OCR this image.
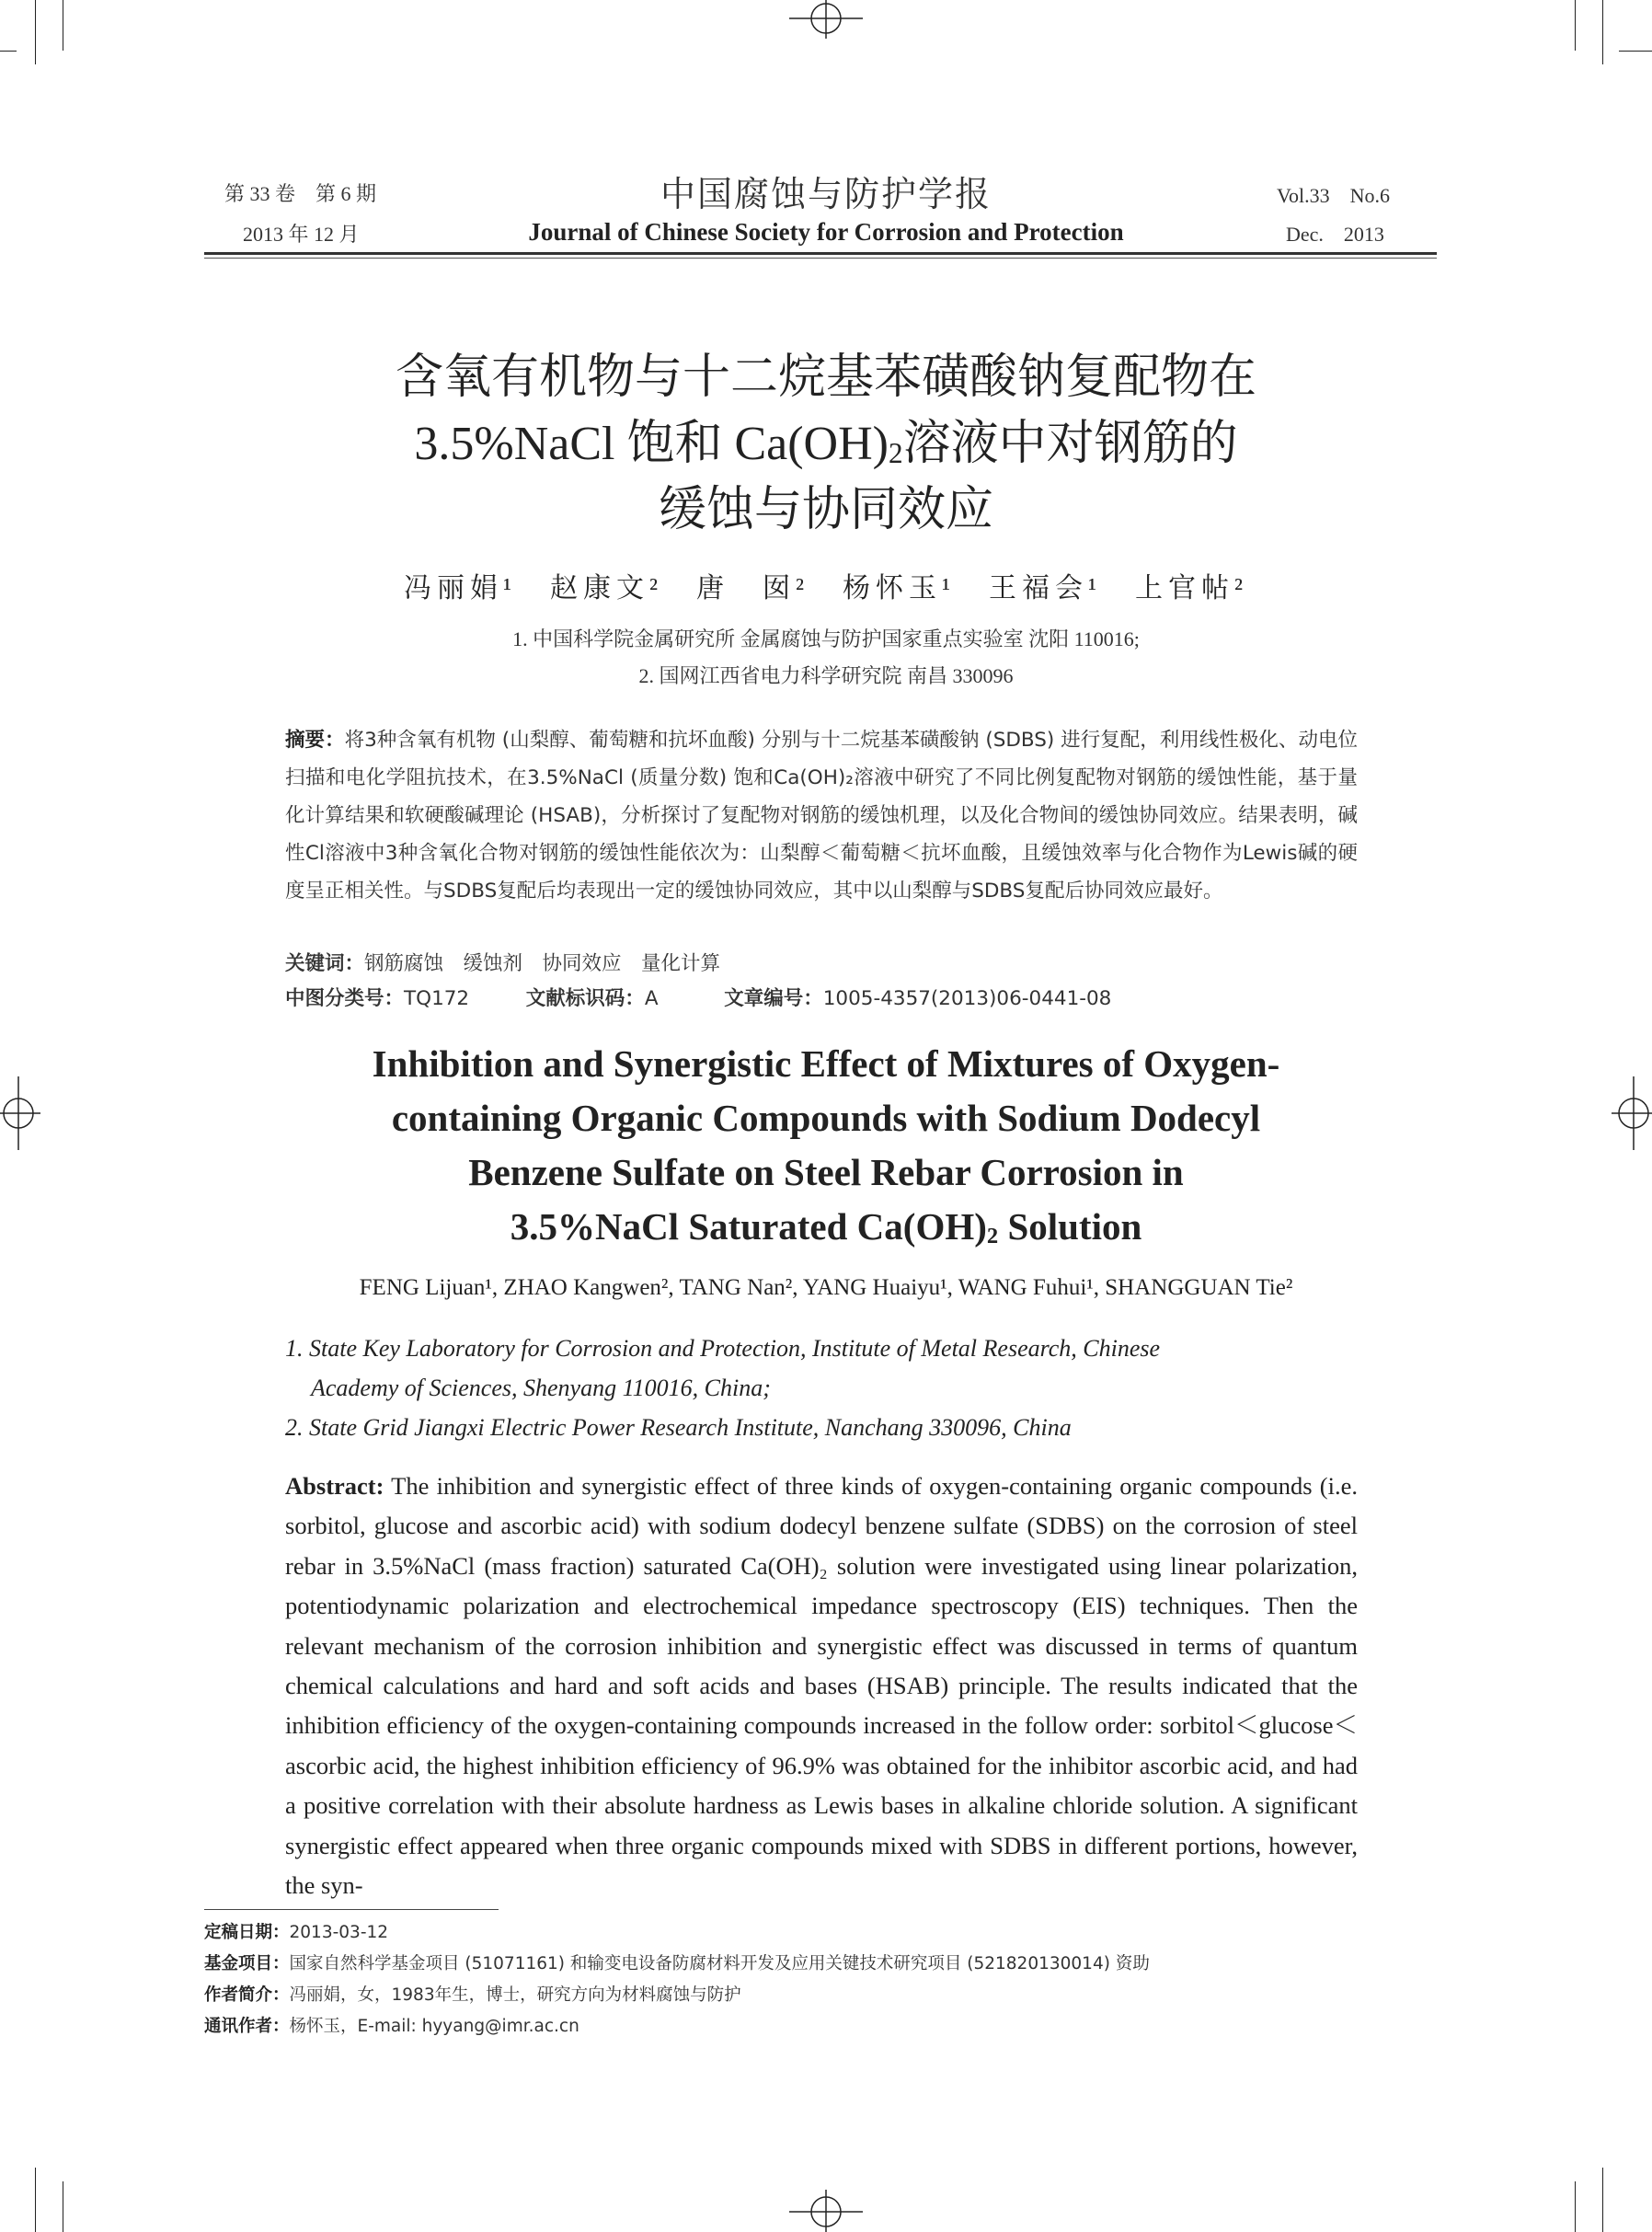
第 33 卷　第 6 期
2013 年 12 月
中国腐蚀与防护学报
Journal of Chinese Society for Corrosion and Protection
Vol.33　No.6
Dec.　2013
含氧有机物与十二烷基苯磺酸钠复配物在
3.5%NaCl 饱和 $Ca(OH)_2$溶液中对钢筋的
缓蚀与协同效应
冯丽娟¹　赵康文²　唐　囡²　杨怀玉¹　王福会¹　上官帖²
1. 中国科学院金属研究所 金属腐蚀与防护国家重点实验室 沈阳 110016;
2. 国网江西省电力科学研究院 南昌 330096
摘要：将3种含氧有机物 (山梨醇、葡萄糖和抗坏血酸) 分别与十二烷基苯磺酸钠 (SDBS) 进行复配，利用线性极化、动电位扫描和电化学阻抗技术，在3.5%NaCl (质量分数) 饱和Ca(OH)₂溶液中研究了不同比例复配物对钢筋的缓蚀性能，基于量化计算结果和软硬酸碱理论 (HSAB)，分析探讨了复配物对钢筋的缓蚀机理，以及化合物间的缓蚀协同效应。结果表明，碱性Cl溶液中3种含氧化合物对钢筋的缓蚀性能依次为：山梨醇＜葡萄糖＜抗坏血酸，且缓蚀效率与化合物作为Lewis碱的硬度呈正相关性。与SDBS复配后均表现出一定的缓蚀协同效应，其中以山梨醇与SDBS复配后协同效应最好。
关键词：钢筋腐蚀　缓蚀剂　协同效应　量化计算
中图分类号：TQ172	文献标识码：A	文章编号：1005-4357(2013)06-0441-08
Inhibition and Synergistic Effect of Mixtures of Oxygen-
containing Organic Compounds with Sodium Dodecyl
Benzene Sulfate on Steel Rebar Corrosion in
3.5%NaCl Saturated $Ca(OH)_2$ Solution
FENG Lijuan¹, ZHAO Kangwen², TANG Nan², YANG Huaiyu¹, WANG Fuhui¹, SHANGGUAN Tie²
1. State Key Laboratory for Corrosion and Protection, Institute of Metal Research, Chinese
Academy of Sciences, Shenyang 110016, China;
2. State Grid Jiangxi Electric Power Research Institute, Nanchang 330096, China
Abstract: The inhibition and synergistic effect of three kinds of oxygen-containing organic compounds (i.e. sorbitol, glucose and ascorbic acid) with sodium dodecyl benzene sulfate (SDBS) on the corrosion of steel rebar in 3.5%NaCl (mass fraction) saturated Ca(OH)₂ solution were investigated using linear polarization, potentiodynamic polarization and electrochemical impedance spectroscopy (EIS) techniques. Then the relevant mechanism of the corrosion inhibition and synergistic effect was discussed in terms of quantum chemical calculations and hard and soft acids and bases (HSAB) principle. The results indicated that the inhibition efficiency of the oxygen-containing compounds increased in the follow order: sorbitol＜glucose＜ascorbic acid, the highest inhibition efficiency of 96.9% was obtained for the inhibitor ascorbic acid, and had a positive correlation with their absolute hardness as Lewis bases in alkaline chloride solution. A significant synergistic effect appeared when three organic compounds mixed with SDBS in different portions, however, the syn-
定稿日期：2013-03-12
基金项目：国家自然科学基金项目 (51071161) 和输变电设备防腐材料开发及应用关键技术研究项目 (521820130014) 资助
作者简介：冯丽娟，女，1983年生，博士，研究方向为材料腐蚀与防护
通讯作者：杨怀玉，E-mail: hyyang@imr.ac.cn
